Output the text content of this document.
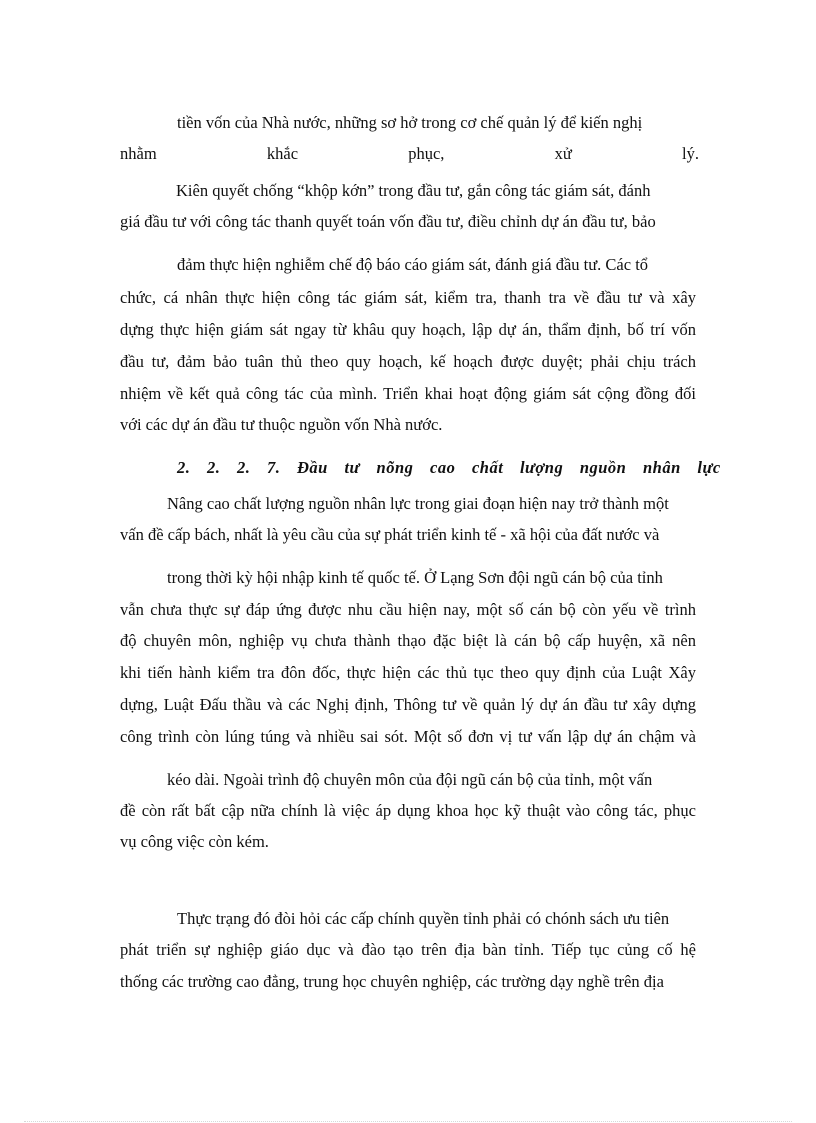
tiền vốn của Nhà nước, những sơ hở trong cơ chế quản lý để kiến nghị
nhằm khắc phục, xử lý.
Kiên quyết chống “khộp kớn” trong đầu tư, gắn công tác giám sát, đánh
giá đầu tư với công tác thanh quyết toán vốn đầu tư, điều chỉnh dự án đầu tư, bảo
đảm thực hiện nghiễm chế độ báo cáo giám sát, đánh giá đầu tư. Các tổ
chức, cá nhân thực hiện công tác giám sát, kiểm tra, thanh tra về đầu tư và xây
dựng thực hiện giám sát ngay từ khâu quy hoạch, lập dự án, thẩm định, bố trí vốn
đầu tư, đảm bảo tuân thủ theo quy hoạch, kế hoạch được duyệt; phải chịu trách
nhiệm về kết quả công tác của mình. Triển khai hoạt động giám sát cộng đồng đối
với các dự án đầu tư thuộc nguồn vốn Nhà nước.
2. 2. 2. 7. Đầu tư nõng cao chất lượng nguồn nhân lực
Nâng cao chất lượng nguồn nhân lực trong giai đoạn hiện nay trở thành một
vấn đề cấp bách, nhất là yêu cầu của sự phát triển kinh tế - xã hội của đất nước và
trong thời kỳ hội nhập kinh tế quốc tế. Ở Lạng Sơn đội ngũ cán bộ của tỉnh
vẫn chưa thực sự đáp ứng được nhu cầu hiện nay, một số cán bộ còn yếu về trình
độ chuyên môn, nghiệp vụ chưa thành thạo đặc biệt là cán bộ cấp huyện, xã nên
khi tiến hành kiểm tra đôn đốc, thực hiện các thủ tục theo quy định của Luật Xây
dựng, Luật Đấu thầu và các Nghị định, Thông tư về quản lý dự án đầu tư xây dựng
công trình còn lúng túng và nhiều sai sót. Một số đơn vị tư vấn lập dự án chậm và
kéo dài. Ngoài trình độ chuyên môn của đội ngũ cán bộ của tỉnh, một vấn
đề còn rất bất cập nữa chính là việc áp dụng khoa học kỹ thuật vào công tác, phục
vụ công việc còn kém.
Thực trạng đó đòi hỏi các cấp chính quyền tỉnh phải có chónh sách ưu tiên
phát triển sự nghiệp giáo dục và đào tạo trên địa bàn tỉnh. Tiếp tục củng cố hệ
thống các trường cao đẳng, trung học chuyên nghiệp, các trường dạy nghề trên địa
